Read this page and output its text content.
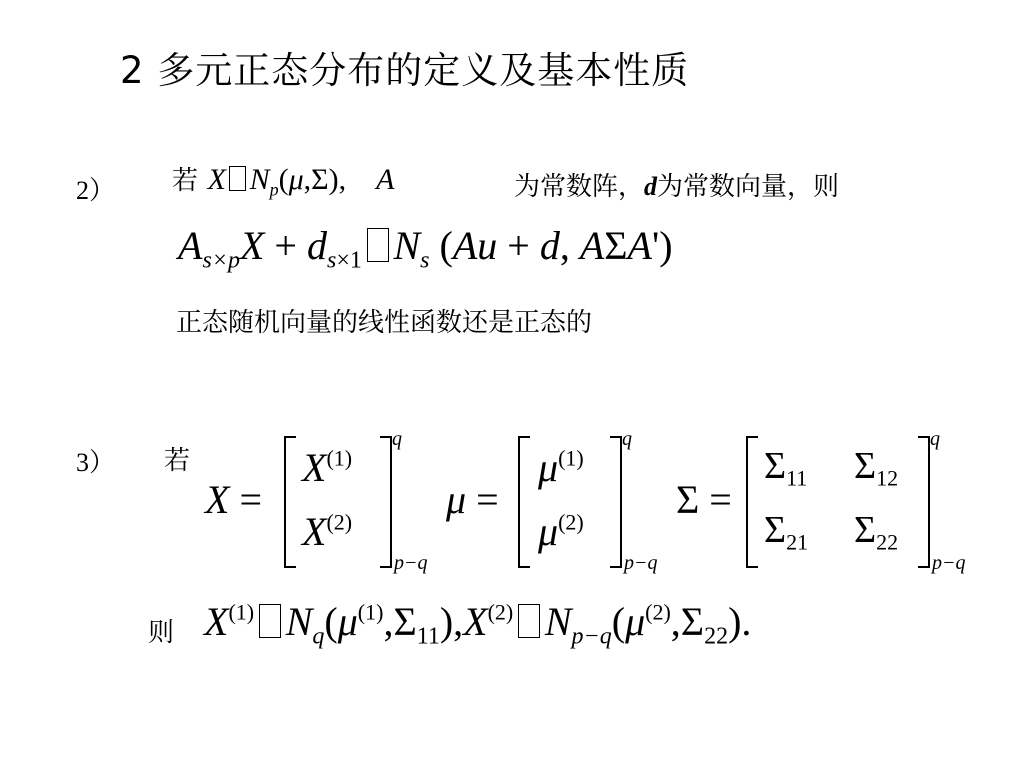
2 多元正态分布的定义及基本性质
2） 若 X $N_p(\mu,\Sigma)$,    A	为常数阵，d为常数向量，则
$A_{s\times p}X + d_{s\times 1}$ $N_s$ (Au + d, AΣA')
正态随机向量的线性函数还是正态的
3） 若
X =
$X^{(1)}$
$X^{(2)}$
q
p−q
μ =
$\mu^{(1)}$
$\mu^{(2)}$
q
p−q
Σ =
$\Sigma_{11}$ $\Sigma_{12}$
$\Sigma_{21}$ $\Sigma_{22}$
q
p−q
则 $X^{(1)}$ $N_q(\mu^{(1)},\Sigma_{11}),X^{(2)}$ $N_{p-q}(\mu^{(2)},\Sigma_{22})$.
